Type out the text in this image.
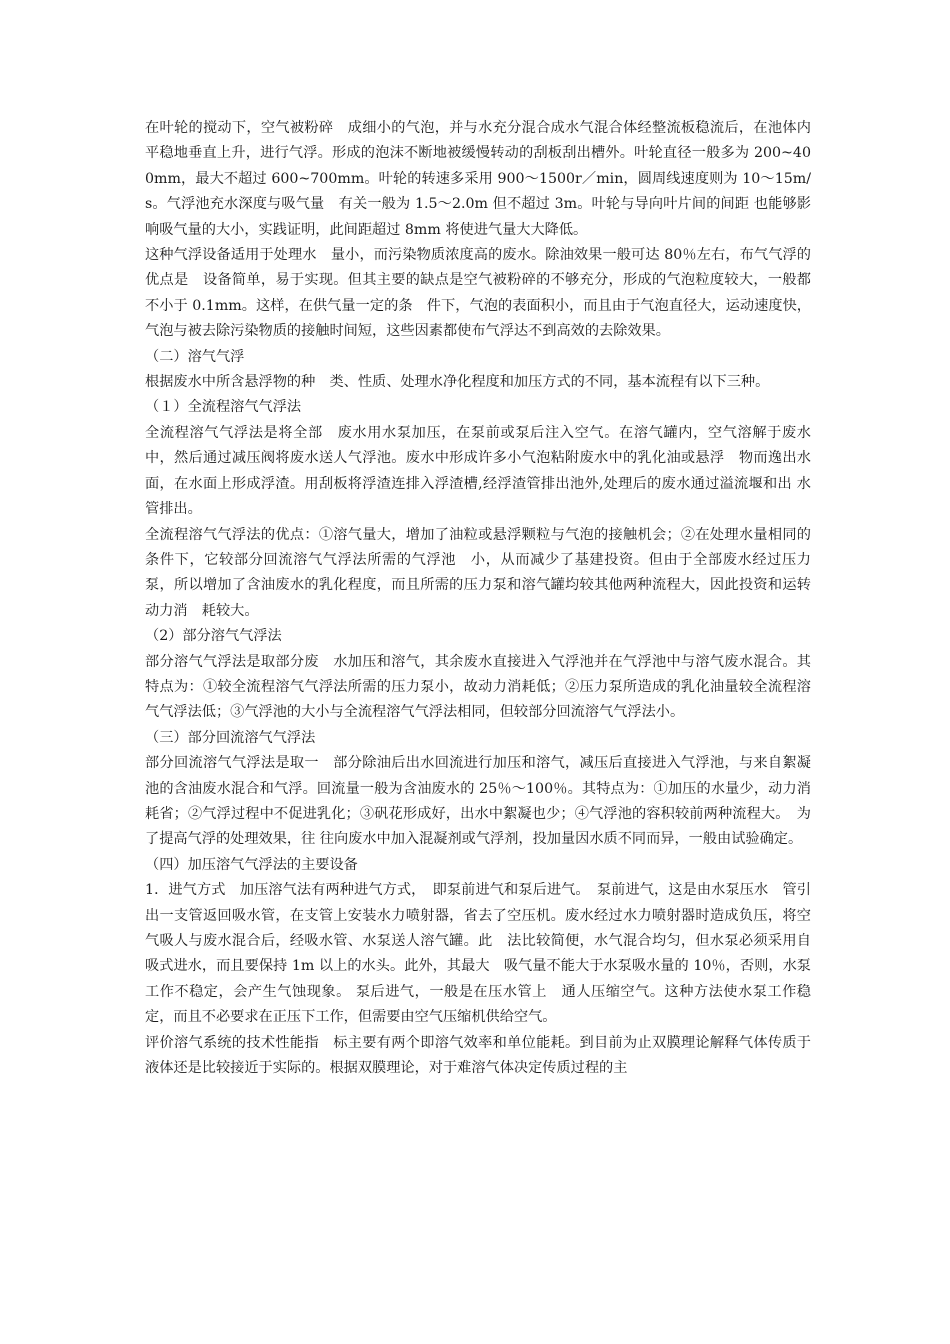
在叶轮的搅动下，空气被粉碎　成细小的气泡，并与水充分混合成水气混合体经整流板稳流后，在池体内平稳地垂直上升，进行气浮。形成的泡沫不断地被缓慢转动的刮板刮出槽外。叶轮直径一般多为 200~400mm，最大不超过 600~700mm。叶轮的转速多采用 900～1500r／min，圆周线速度则为 10～15m/s。气浮池充水深度与吸气量　有关一般为 1.5～2.0m 但不超过 3m。叶轮与导向叶片间的间距 也能够影响吸气量的大小，实践证明，此间距超过 8mm 将使进气量大大降低。

这种气浮设备适用于处理水　量小，而污染物质浓度高的废水。除油效果一般可达 80％左右，布气气浮的优点是　设备简单，易于实现。但其主要的缺点是空气被粉碎的不够充分，形成的气泡粒度较大，一般都不小于 0.1mm。这样，在供气量一定的条　件下，气泡的表面积小，而且由于气泡直径大，运动速度快，气泡与被去除污染物质的接触时间短，这些因素都使布气浮达不到高效的去除效果。

（二）溶气气浮

根据废水中所含悬浮物的种　类、性质、处理水净化程度和加压方式的不同，基本流程有以下三种。

（１）全流程溶气气浮法

全流程溶气气浮法是将全部　废水用水泵加压，在泵前或泵后注入空气。在溶气罐内，空气溶解于废水中，然后通过减压阀将废水送人气浮池。废水中形成许多小气泡粘附废水中的乳化油或悬浮　物而逸出水面，在水面上形成浮渣。用刮板将浮渣连排入浮渣槽,经浮渣管排出池外,处理后的废水通过溢流堰和出 水管排出。

全流程溶气气浮法的优点：①溶气量大，增加了油粒或悬浮颗粒与气泡的接触机会；②在处理水量相同的条件下，它较部分回流溶气气浮法所需的气浮池　小，从而减少了基建投资。但由于全部废水经过压力泵，所以增加了含油废水的乳化程度，而且所需的压力泵和溶气罐均较其他两种流程大，因此投资和运转动力消　耗较大。

（2）部分溶气气浮法

部分溶气气浮法是取部分废　水加压和溶气，其余废水直接进入气浮池并在气浮池中与溶气废水混合。其特点为：①较全流程溶气气浮法所需的压力泵小，故动力消耗低；②压力泵所造成的乳化油量较全流程溶气气浮法低；③气浮池的大小与全流程溶气气浮法相同，但较部分回流溶气气浮法小。

（三）部分回流溶气气浮法

部分回流溶气气浮法是取一　部分除油后出水回流进行加压和溶气，减压后直接进入气浮池，与来自絮凝池的含油废水混合和气浮。回流量一般为含油废水的 25％～100％。其特点为：①加压的水量少，动力消耗省；②气浮过程中不促进乳化；③矾花形成好，出水中絮凝也少；④气浮池的容积较前两种流程大。　为了提高气浮的处理效果，往 往向废水中加入混凝剂或气浮剂，投加量因水质不同而异，一般由试验确定。

（四）加压溶气气浮法的主要设备

1．进气方式　加压溶气法有两种进气方式，　即泵前进气和泵后进气。　泵前进气，这是由水泵压水　管引出一支管返回吸水管，在支管上安装水力喷射器，省去了空压机。废水经过水力喷射器时造成负压，将空气吸人与废水混合后，经吸水管、水泵送人溶气罐。此　法比较简便，水气混合均匀，但水泵必须采用自吸式进水，而且要保持 1m 以上的水头。此外，其最大　吸气量不能大于水泵吸水量的 10％，否则，水泵工作不稳定，会产生气蚀现象。 泵后进气，一般是在压水管上　通人压缩空气。这种方法使水泵工作稳定，而且不必要求在正压下工作，但需要由空气压缩机供给空气。

评价溶气系统的技术性能指　标主要有两个即溶气效率和单位能耗。到目前为止双膜理论解释气体传质于液体还是比较接近于实际的。根据双膜理论，对于难溶气体决定传质过程的主
